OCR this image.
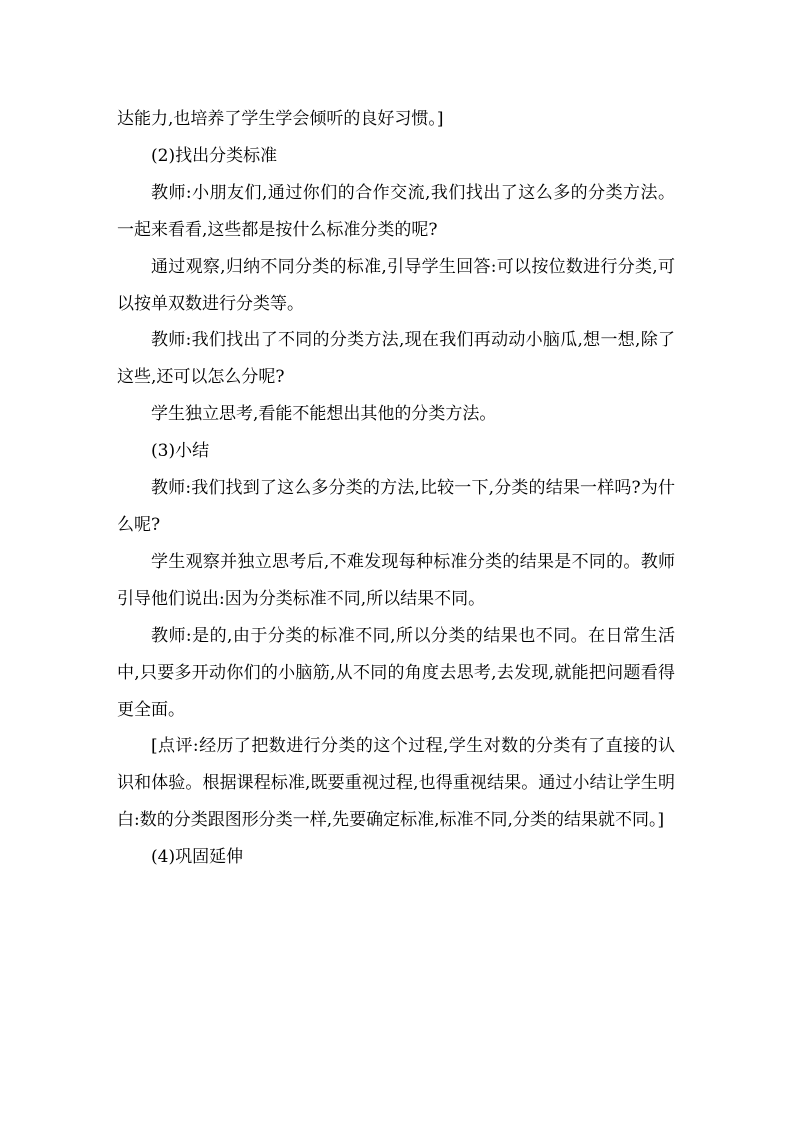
达能力,也培养了学生学会倾听的良好习惯。]

(2)找出分类标准

教师:小朋友们,通过你们的合作交流,我们找出了这么多的分类方法。一起来看看,这些都是按什么标准分类的呢?

通过观察,归纳不同分类的标准,引导学生回答:可以按位数进行分类,可以按单双数进行分类等。

教师:我们找出了不同的分类方法,现在我们再动动小脑瓜,想一想,除了这些,还可以怎么分呢?

学生独立思考,看能不能想出其他的分类方法。

(3)小结

教师:我们找到了这么多分类的方法,比较一下,分类的结果一样吗?为什么呢?

学生观察并独立思考后,不难发现每种标准分类的结果是不同的。教师引导他们说出:因为分类标准不同,所以结果不同。

教师:是的,由于分类的标准不同,所以分类的结果也不同。在日常生活中,只要多开动你们的小脑筋,从不同的角度去思考,去发现,就能把问题看得更全面。

[点评:经历了把数进行分类的这个过程,学生对数的分类有了直接的认识和体验。根据课程标准,既要重视过程,也得重视结果。通过小结让学生明白:数的分类跟图形分类一样,先要确定标准,标准不同,分类的结果就不同。]

(4)巩固延伸
